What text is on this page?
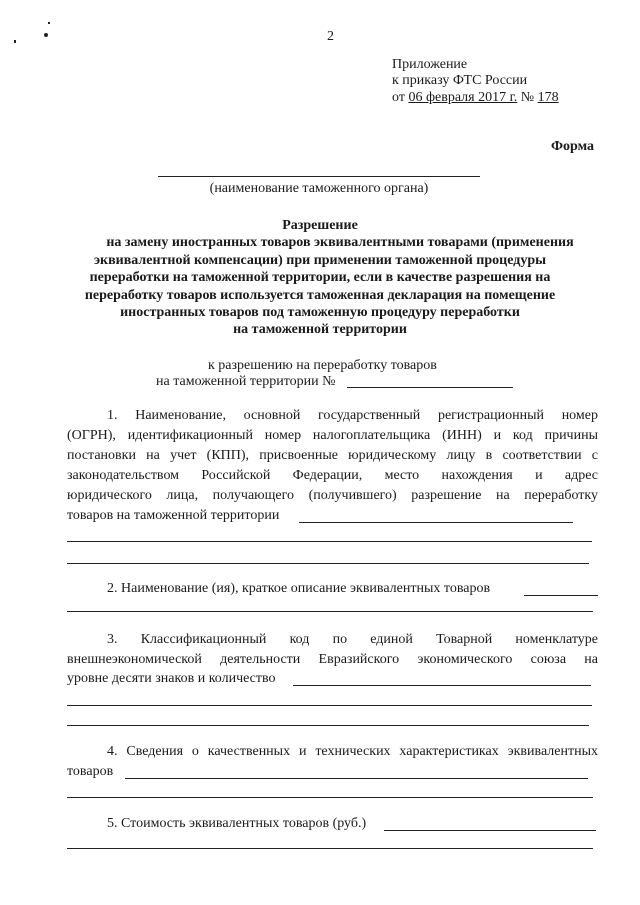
2
Приложение
к приказу ФТС России
от 06 февраля 2017 г. № 178
Форма
(наименование таможенного органа)
Разрешение
на замену иностранных товаров эквивалентными товарами (применения
эквивалентной компенсации) при применении таможенной процедуры
переработки на таможенной территории, если в качестве разрешения на
переработку товаров используется таможенная декларация на помещение
иностранных товаров под таможенную процедуру переработки
на таможенной территории
к разрешению на переработку товаров
на таможенной территории №
1. Наименование, основной государственный регистрационный номер
(ОГРН), идентификационный номер налогоплательщика (ИНН) и код причины
постановки на учет (КПП), присвоенные юридическому лицу в соответствии с
законодательством Российской Федерации, место нахождения и адрес
юридического лица, получающего (получившего) разрешение на переработку
товаров на таможенной территории
2. Наименование (ия), краткое описание эквивалентных товаров
3. Классификационный код по единой Товарной номенклатуре
внешнеэкономической деятельности Евразийского экономического союза на
уровне десяти знаков и количество
4. Сведения о качественных и технических характеристиках эквивалентных
товаров
5. Стоимость эквивалентных товаров (руб.)
